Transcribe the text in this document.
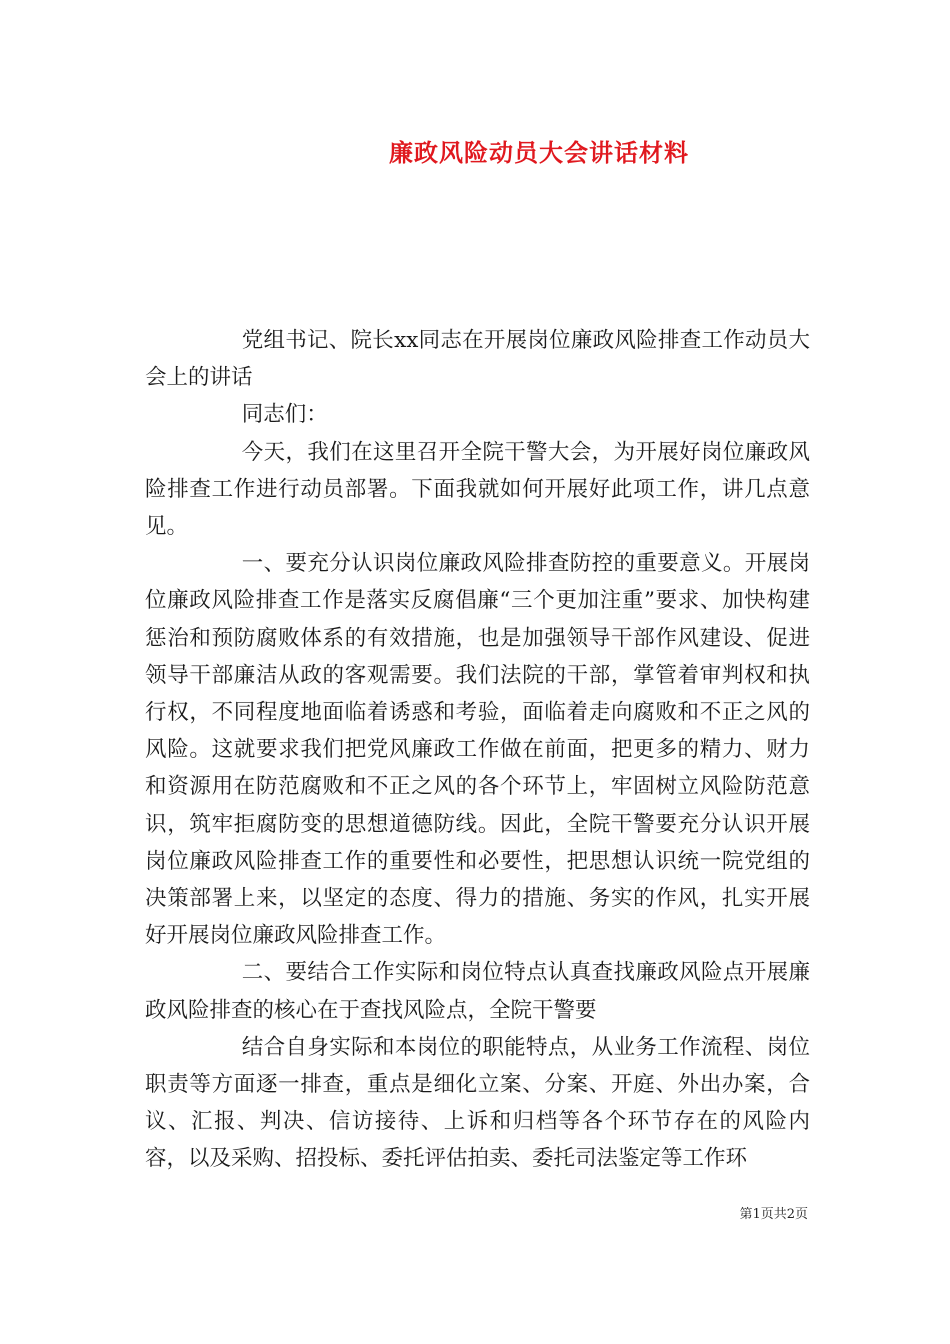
廉政风险动员大会讲话材料

党组书记、院长xx同志在开展岗位廉政风险排查工作动员大会上的讲话

同志们：

今天，我们在这里召开全院干警大会，为开展好岗位廉政风险排查工作进行动员部署。下面我就如何开展好此项工作，讲几点意见。

一、要充分认识岗位廉政风险排查防控的重要意义。开展岗位廉政风险排查工作是落实反腐倡廉“三个更加注重”要求、加快构建惩治和预防腐败体系的有效措施，也是加强领导干部作风建设、促进领导干部廉洁从政的客观需要。我们法院的干部，掌管着审判权和执行权，不同程度地面临着诱惑和考验，面临着走向腐败和不正之风的风险。这就要求我们把党风廉政工作做在前面，把更多的精力、财力和资源用在防范腐败和不正之风的各个环节上，牢固树立风险防范意识，筑牢拒腐防变的思想道德防线。因此，全院干警要充分认识开展岗位廉政风险排查工作的重要性和必要性，把思想认识统一院党组的决策部署上来，以坚定的态度、得力的措施、务实的作风，扎实开展好开展岗位廉政风险排查工作。

二、要结合工作实际和岗位特点认真查找廉政风险点开展廉政风险排查的核心在于查找风险点，全院干警要

结合自身实际和本岗位的职能特点，从业务工作流程、岗位职责等方面逐一排查，重点是细化立案、分案、开庭、外出办案，合议、汇报、判决、信访接待、上诉和归档等各个环节存在的风险内容，以及采购、招投标、委托评估拍卖、委托司法鉴定等工作环

第1页共2页
